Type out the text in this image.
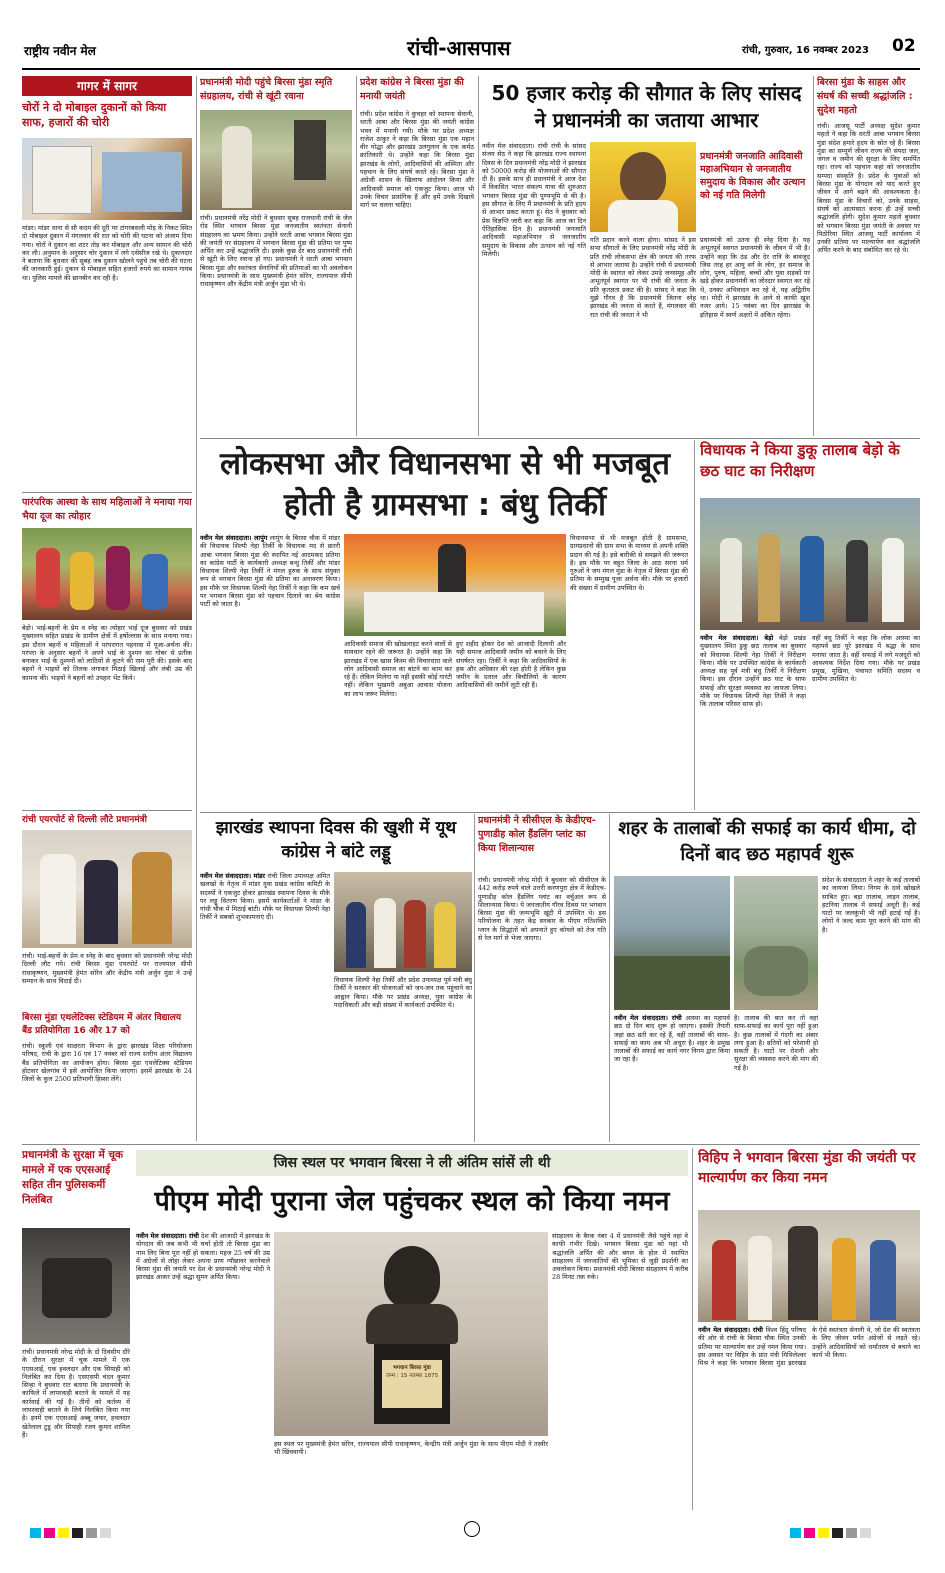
राष्ट्रीय नवीन मेल	रांची-आसपास	रांची, गुरुवार, 16 नवम्बर 2023 02
गागर में सागर
चोरों ने दो मोबाइल दुकानों को किया साफ, हजारों की चोरी
मांडर। मांडर थाना से सौ कदम की दूरी पर टांगरबसली मोड़ के निकट स्थित दो मोबाइल दुकान में मंगलवार की रात को चोरी की घटना को अंजाम दिया गया। चोरों ने दुकान का शटर तोड़ कर मोबाइल और अन्य सामान की चोरी कर ली। अनुमान के अनुसार चोर दुकान में लगे एसेसीज रखे थे। दुकानदार ने बताया कि बुधवार की सुबह जब दुकान खोलने पहुंचे तब चोरी की घटना की जानकारी हुई। दुकान से मोबाइल सहित हजारों रुपये का सामान गायब था। पुलिस मामले की छानबीन कर रही है।
पारंपरिक आस्था के साथ महिलाओं ने मनाया गया भैया दूज का त्योहार
बेड़ो। भाई-बहनों के प्रेम व स्नेह का त्योहार भाई दूज बुधवार को प्रखंड मुख्यालय सहित प्रखंड के ग्रामीण क्षेत्रों में हर्षोल्लास के साथ मनाया गया। इस दौरान बहनों व महिलाओं ने परंपरागत पहनावा में पूजा-अर्चना की। परंपरा के अनुसार बहनों ने अपने भाई के दुश्मन का गोबर से प्रतीक बनाकर भाई के दुश्मनों को लाठियों से कूटने की रस्म पूरी की। इसके बाद बहनों ने भाइयों को तिलक लगाकर मिठाई खिलाई और लंबी उम्र की कामना की। भाइयों ने बहनों को उपहार भेंट किये।
रांची एयरपोर्ट से दिल्ली लौटे प्रधानमंत्री
रांची। भाई-बहनों के प्रेम व स्नेह के बाद बुधवार को प्रधानमंत्री नरेन्द्र मोदी दिल्ली लौट गये। रांची बिरसा मुंडा एयरपोर्ट पर राज्यपाल सीपी राधाकृष्णन, मुख्यमंत्री हेमंत सोरेन और केंद्रीय मंत्री अर्जुन मुंडा ने उन्हें सम्मान के साथ विदाई दी।
बिरसा मुंडा एथलेटिक्स स्टेडियम में अंतर विद्यालय बैंड प्रतियोगिता 16 और 17 को
रांची। स्कूली एवं साक्षरता विभाग के द्वारा झारखंड शिक्षा परियोजना परिषद, रांची के द्वारा 16 एवं 17 नवंबर को राज्य स्तरीय अंतर विद्यालय बैंड प्रतियोगिता का आयोजन होगा। बिरसा मुंडा एथलेटिक्स स्टेडियम होटवार खेलगांव में इसे आयोजित किया जाएगा। इसमें झारखंड के 24 जिलों के कुल 2500 प्रतिभागी हिस्सा लेंगे।
प्रधानमंत्री के सुरक्षा में चूक मामले में एक एएसआई सहित तीन पुलिसकर्मी निलंबित
रांची। प्रधानमंत्री नरेन्द्र मोदी के दो दिवसीय दौरे के दौरान सुरक्षा में चूक मामले में एक एएसआई, एक हवलदार और एक सिपाही को निलंबित कर दिया है। एसएसपी चंदन कुमार सिन्हा ने बुधवार रात बताया कि प्रधानमंत्री के काफिले में लापरवाही बरतने के मामले में यह कार्रवाई की गई है। तीनों को कर्तव्य में लापरवाही बरतने के लिये निलंबित किया गया है। इनमें एक एएसआई अब्बू जफर, हवलदार खेतेलाल टुडू और सिपाही रंजन कुमार शामिल हैं।
प्रधानमंत्री मोदी पहुंचे बिरसा मुंडा स्मृति संग्रहालय, रांची से खूंटी रवाना
रांची। प्रधानमंत्री नरेंद्र मोदी ने बुधवार सुबह राजधानी रांची के जेल रोड स्थित भगवान बिरसा मुंडा जनजातीय स्वतंत्रता सेनानी संग्रहालय का भ्रमण किया। उन्होंने धरती आबा भगवान बिरसा मुंडा की जयंती पर संग्रहालय में भगवान बिरसा मुंडा की प्रतिमा पर पुष्प अर्पित कर उन्हें श्रद्धांजलि दी। इसके कुछ देर बाद प्रधानमंत्री रांची से खूंटी के लिए रवाना हो गए। प्रधानमंत्री ने धरती आबा भगवान बिरसा मुंडा और स्वतंत्रता सेनानियों की प्रतिमाओं का भी अवलोकन किया। प्रधानमंत्री के साथ मुख्यमंत्री हेमंत सोरेन, राज्यपाल सीपी राधाकृष्णन और केंद्रीय मंत्री अर्जुन मुंडा भी थे।
प्रदेश कांग्रेस ने बिरसा मुंडा की मनायी जयंती
रांची। प्रदेश कांग्रेस ने कुचहर को स्थापना सेवानी, धरती आबा और बिरसा मुंडा की जयंती कांग्रेस भवन में मनायी गयी। मौके पर प्रदेश अध्यक्ष राजेश ठाकुर ने कहा कि बिरसा मुंडा एक महान वीर योद्धा और झारखंड उलगुलान के एक कर्मठ क्रांतिकारी थे। उन्होंने कहा कि बिरसा मुंडा झारखंड के लोगों, आदिवासियों की अस्मिता और पहचान के लिए संघर्ष करते रहे। बिरसा मुंडा ने अंग्रेजी शासन के खिलाफ आंदोलन किया और आदिवासी समाज को एकजुट किया। आज भी उनके विचार प्रासंगिक हैं और हमें उनके दिखाये मार्ग पर चलना चाहिए।
50 हजार करोड़ की सौगात के लिए सांसद ने प्रधानमंत्री का जताया आभार
नवीन मेल संवाददाता। रांची रांची के सांसद संजय सेठ ने कहा कि झारखंड राज्य स्थापना दिवस के दिन प्रधानमंत्री नरेंद्र मोदी ने झारखंड को 50000 करोड़ की योजनाओं की सौगात दी है। इसके साथ ही प्रधानमंत्री ने आज देश में विकसित भारत संकल्प यात्रा की शुरुआत भगवान बिरसा मुंडा की पुण्यभूमि से की है। इस सौगात के लिए मैं प्रधानमंत्री के प्रति हृदय से आभार प्रकट करता हूं। सेठ ने बुधवार को प्रेस विज्ञप्ति जारी कर कहा कि आज का दिन ऐतिहासिक दिन है। प्रधानमंत्री जनजाति आदिवासी महाअभियान से जनजातीय समुदाय के विकास और उत्थान को नई गति मिलेगी।
प्रधानमंत्री जनजाति आदिवासी महाअभियान से जनजातीय समुदाय के विकास और उत्थान को नई गति मिलेगी
गति प्रदान करने वाला होगा। सांसद ने इस सभा सौगातों के लिए प्रधानमंत्री नरेंद्र मोदी के प्रति रांची लोकसभा क्षेत्र की जनता की तरफ से आभार जताया है। उन्होंने रांची में प्रधानमंत्री मोदी के स्वागत को लेकर उमड़े जनसमूह और अभूतपूर्व स्वागत पर भी रांची की जनता के प्रति कृतज्ञता प्रकट की है। सांसद ने कहा कि मुझे गौरव है कि प्रधानमंत्री जितना स्नेह झारखंड की जनता से करते हैं, मंगलवार की रात रांची की जनता ने भी
प्रधानमंत्री को उतना ही स्नेह दिया है। यह अभूतपूर्व स्वागत प्रधानमंत्री के जीवन में भी है। उन्होंने कहा कि ठंड और देर रात्रि के बावजूद जिस तरह हर आयु वर्ग के लोग, हर समाज के लोग, पुरुष, महिला, बच्चों और युवा सड़कों पर खड़े होकर प्रधानमंत्री का जोरदार स्वागत कर रहे थे, उनका अभिवादन कर रहे थे, यह अद्वितीय था। मोदी ने झारखंड के आने से काफी खुश नजर आये। 15 नवंबर का दिन झारखंड के इतिहास में स्वर्ण अक्षरों में अंकित रहेगा।
बिरसा मुंडा के साहस और संघर्ष की सच्ची श्रद्धांजलि : सुदेश महतो
रांची। आजसू पार्टी अध्यक्ष सुदेश कुमार महतो ने कहा कि धरती आबा भगवान बिरसा मुंडा संदेश हमारे हृदय के स्रोत रहे हैं। बिरसा मुंडा का सम्पूर्ण जीवन राज्य की संपदा जल, जंगल व जमीन की सुरक्षा के लिए समर्पित रहा। राज्य को पहचान कहां को जनजातीय सम्पदा संस्कृति है। प्रदेश के युवाओं को बिरसा मुंडा के योगदान को याद करते हुए जीवन में आगे बढ़ने की आवश्यकता है। बिरसा मुंडा के विचारों को, उनके साहस, संघर्ष को आत्मसात करना ही उन्हें सच्ची श्रद्धांजलि होगी। सुदेश कुमार महतो बुधवार को भगवान बिरसा मुंडा जयंती के अवसर पर पिठोरिया स्थित आजसू पार्टी कार्यालय में उनकी प्रतिमा पर माल्यार्पण कर श्रद्धांजलि अर्पित करने के बाद संबोधित कर रहे थे।
लोकसभा और विधानसभा से भी मजबूत होती है ग्रामसभा : बंधु तिर्की
नवीन मेल संवाददाता। लापुंग लापुंग के बिरसा चौक में मांडर की विधायक शिल्पी नेहा तिर्की के विधायक मद से छतरी आबा भगवान बिरसा मुंडा की स्थापित नई आदमकद प्रतिमा का कांग्रेस पार्टी के कार्यकारी अध्यक्ष बन्धु तिर्की और मांडर विधायक शिल्पी नेहा तिर्की ने मंगल हुरुक के साथ संयुक्त रूप से भगवान बिरसा मुंडा की प्रतिमा का अनावरण किया। इस मौके पर विधायक शिल्पी नेहा तिर्की ने कहा कि कम खर्च पर भगवान बिरसा मुंडा को पहचान दिलाने का श्रेय कांग्रेस पार्टी को जाता है।
आदिवासी समाज की खोखलाहट करने वालों से सावधान रहने की जरूरत है। उन्होंने कहा कि झारखंड में एक खास किस्म की विचारधारा वाले लोग आदिवासी समाज का बांटने का काम कर रहे हैं। लेकिन मिलेगा या नहीं इसकी कोई गारंटी नहीं। लेकिन भुखमरी अबुआ आवास योजना का लाभ जरूर मिलेगा।
हुए शहीद होकर देश को आजादी दिलायी और यही समाज आदिवासी जमीन को बचाने के लिए संघर्षरत रहा। तिर्की ने कहा कि आदिवासियों के हक और अधिकार की रक्षा होती है लेकिन कुछ जमीन के दलाल और बिचौलियों के कारण आदिवासियों की जमीनें लूटी रही हैं।
विधानसभा से भी मजबूत होती है ग्रामसभा, ग्रामप्रधानों की ग्राम सभा के माध्यम से अपनी शक्ति प्रदान की गई है। इसे बारीकी से समझने की जरूरत है। इस मौके पर बहुत जिला के आठ सरना धर्म गुरुओं ने जय मंगल मुंडा के नेतृत्व में बिरसा मुंडा की प्रतिमा के सम्मुख पूजा अर्चना की। मौके पर हजारों की संख्या में ग्रामीण उपस्थित थे।
विधायक ने किया डुकू तालाब बेड़ो के छठ घाट का निरीक्षण
नवीन मेल संवाददाता। बेड़ो बेड़ो प्रखंड मुख्यालय स्थित डुकू छठ तालाब का बुधवार को विधायक शिल्पी नेहा तिर्की ने निरीक्षण किया। मौके पर उपस्थित कांग्रेस के कार्यकारी अध्यक्ष सह पूर्व मंत्री बंधु तिर्की ने निरीक्षण किया। इस दौरान उन्होंने छठ घाट के साफ सफाई और सुरक्षा व्यवस्था का जायजा लिया। मौके पर विधायक शिल्पी नेहा तिर्की ने कहा कि तालाब परिसर साफ हो।
वहीं बंधु तिर्की ने कहा कि लोक आस्था का महापर्व छठ पूरे झारखंड में श्रद्धा के साथ मनाया जाता है। वहीं सफाई में लगे मजदूरों को आवश्यक निर्देश दिया गया। मौके पर प्रखंड प्रमुख, मुखिया, पंचायत समिति सदस्य व ग्रामीण उपस्थित थे।
झारखंड स्थापना दिवस की खुशी में यूथ कांग्रेस ने बांटे लड्डू
नवीन मेल संवाददाता। मांडर रांची जिला उपाध्यक्ष अमित खलखो के नेतृत्व में मांडर युवा प्रखंड कांग्रेस कमिटी के सदस्यों ने एकजुट होकर झारखंड स्थापना दिवस के मौके पर लड्डू वितरण किया। इसमें कार्यकर्ताओं ने मांडर के गांधी चौक में मिठाई बांटी। मौके पर विधायक शिल्पी नेहा तिर्की ने सबको शुभकामनाएं दी।
विधायक शिल्पी नेहा तिर्की और प्रदेश उपाध्यक्ष पूर्व मंत्री बंधु तिर्की ने सरकार की योजनाओं को जन-जन तक पहुंचाने का आह्वान किया। मौके पर प्रखंड अध्यक्ष, युवा कांग्रेस के पदाधिकारी और बड़ी संख्या में कार्यकर्ता उपस्थित थे।
प्रधानमंत्री ने सीसीएल के केडीएच-पुणाडीह कोल हैंडलिंग प्लांट का किया शिलान्यास
रांची। प्रधानमंत्री नरेन्द्र मोदी ने बुधवार को सीसीएल के 442 करोड़ रुपये वाले उत्तरी करणपुरा क्षेत्र में केडीएच-पुणाडीह कोल हैंडलिंग प्लांट का वर्चुअल रूप से शिलान्यास किया। ये जनजातीय गौरव दिवस पर भगवान बिरसा मुंडा की जन्मभूमि खूंटी में उपस्थित थे। इस परियोजना के तहत केंद्र सरकार के पीएम गतिशक्ति प्लान के सिद्धांतों को अपनाते हुए कोयले को तेज गति से रेल मार्ग से भेजा जाएगा।
शहर के तालाबों की सफाई का कार्य धीमा, दो दिनों बाद छठ महापर्व शुरू
नवीन मेल संवाददाता। रांची आस्था का महापर्व छठ दो दिन बाद शुरू हो जाएगा। इसकी तैयारी जहां छठ व्रती कर रहे हैं, वहीं तालाबों की साफ-सफाई का काम अब भी अधूरा है। शहर के प्रमुख तालाबों की सफाई का कार्य नगर निगम द्वारा किया जा रहा है।
है। तालाब की बात कर तो वहां साफ-सफाई का कार्य पूरा नहीं हुआ है। कुछ तालाबों में गंदगी का अंबार लगा हुआ है। व्रतियों को परेशानी हो सकती है। घाटों पर रोशनी और सुरक्षा की व्यवस्था करने की मांग की गई है।
संदेश के संवाददाता ने शहर के कई तालाबों का जायजा लिया। निगम के दावे खोखले साबित हुए। बड़ा तालाब, लाइन तालाब, हटनिया तालाब में सफाई अधूरी है। कई घाटों पर जलकुंभी भी नहीं हटाई गई है। लोगों ने जल्द काम पूरा करने की मांग की है।
जिस स्थल पर भगवान बिरसा ने ली अंतिम सांसें ली थी
पीएम मोदी पुराना जेल पहुंचकर स्थल को किया नमन
नवीन मेल संवाददाता। रांची देश की आजादी में झारखंड के योगदान की जब कभी भी चर्चा होती तो बिरसा मुंडा का नाम लिए बिना पूरा नहीं हो सकता। महज 25 वर्ष की उम्र में अंग्रेजों से लोहा लेकर अपना प्राण न्यौछावर करनेवाले बिरसा मुंडा की जयंती पर देश के प्रधानमंत्री नरेन्द्र मोदी ने झारखंड आकर उन्हें श्रद्धा सुमन अर्पित किया।
भगवान बिरसा मुंडा
जन्म : 15 नवम्बर 1875
इस स्थल पर मुख्यमंत्री हेमंत सोरेन, राज्यपाल सीपी राधाकृष्णन, केन्द्रीय मंत्री अर्जुन मुंडा के साथ पीएम मोदी ने तस्वीर भी खिंचवायी।
संग्रहालय के बैरक नंबर 4 में प्रधानमंत्री जैसे पहुंचे वहां वे काफी गंभीर दिखे। भगवान बिरसा मुंडा को यहां भी श्रद्धांजलि अर्पित की और बगल के होल में स्थापित संग्रहालय में जनजातियों की भूमिका से जुड़ी प्रदर्शनी का अवलोकन किया। प्रधानमंत्री मोदी बिरसा संग्रहालय में करीब 28 मिनट तक रुके।
विहिप ने भगवान बिरसा मुंडा की जयंती पर माल्यार्पण कर किया नमन
नवीन मेल संवाददाता। रांची विश्व हिंदू परिषद की ओर से रांची के बिरसा चौक स्थित उनकी प्रतिमा पर माल्यार्पण कर उन्हें नमन किया गया। इस अवसर पर विहिप के प्रांत मंत्री मिथिलेश्वर मिश्र ने कहा कि भगवान बिरसा मुंडा झारखंड के ऐसे स्वतंत्रता सेनानी थे, जो देश की स्वतंत्रता के लिए जीवन पर्यंत अंग्रेजों से लड़ते रहे। उन्होंने आदिवासियों को धर्मांतरण से बचाने का कार्य भी किया।
